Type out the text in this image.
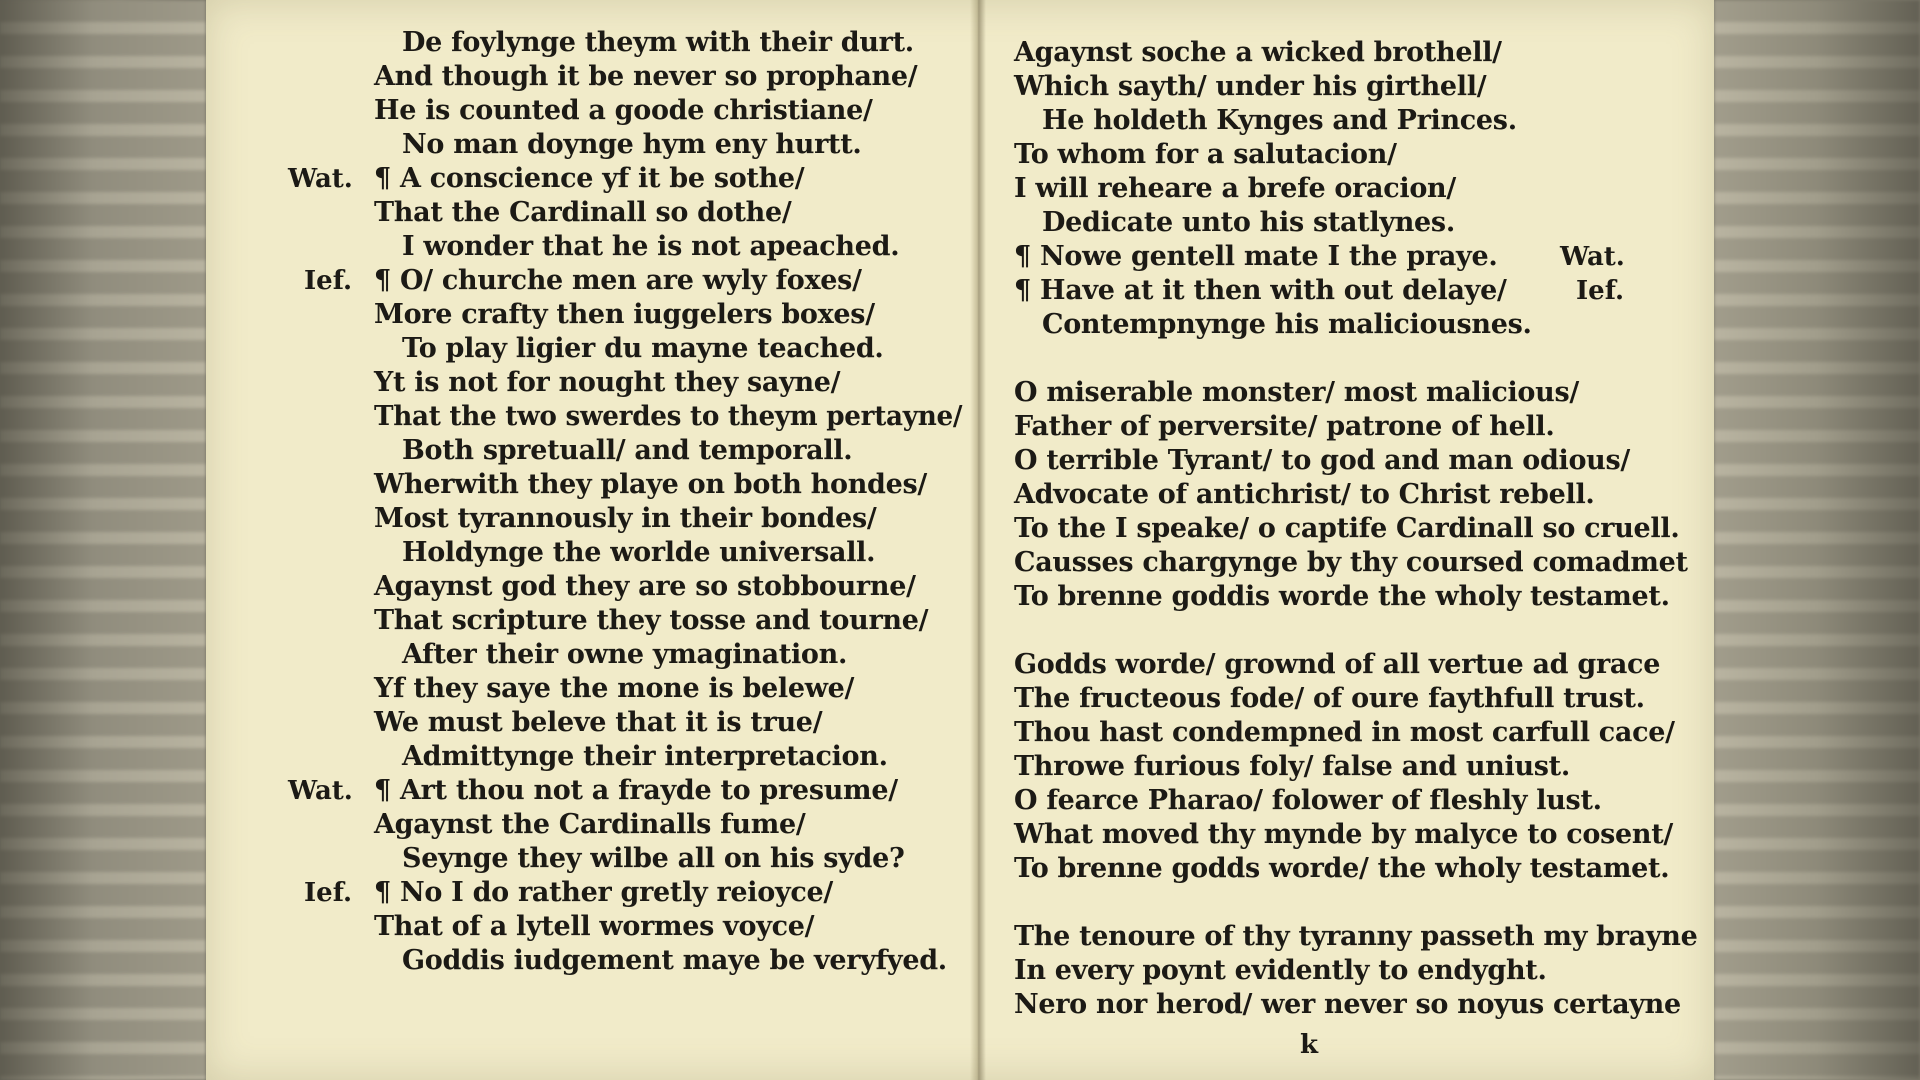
De foylynge theym with their durt.
And though it be never so prophane/
He is counted a goode christiane/
No man doynge hym eny hurtt.
Wat. ¶ A conscience yf it be sothe/
That the Cardinall so dothe/
I wonder that he is not apeached.
Ief. ¶ O/ churche men are wyly foxes/
More crafty then iuggelers boxes/
To play ligier du mayne teached.
Yt is not for nought they sayne/
That the two swerdes to theym pertayne/
Both spretuall/ and temporall.
Wherwith they playe on both hondes/
Most tyrannously in their bondes/
Holdynge the worlde universall.
Agaynst god they are so stobbourne/
That scripture they tosse and tourne/
After their owne ymagination.
Yf they saye the mone is belewe/
We must beleve that it is true/
Admittynge their interpretacion.
Wat. ¶ Art thou not a frayde to presume/
Agaynst the Cardinalls fume/
Seynge they wilbe all on his syde?
Ief. ¶ No I do rather gretly reioyce/
That of a lytell wormes voyce/
Goddis iudgement maye be veryfyed.
Agaynst soche a wicked brothell/
Which sayth/ under his girthell/
He holdeth Kynges and Princes.
To whom for a salutacion/
I will reheare a brefe oracion/
Dedicate unto his statlynes.
¶ Nowe gentell mate I the praye. Wat.
¶ Have at it then with out delaye/	Ief.
Contempnynge his maliciousnes.
O miserable monster/ most malicious/
Father of perversite/ patrone of hell.
O terrible Tyrant/ to god and man odious/
Advocate of antichrist/ to Christ rebell.
To the I speake/ o captife Cardinall so cruell.
Causses chargynge by thy coursed comadmet
To brenne goddis worde the wholy testamet.
Godds worde/ grownd of all vertue ad grace
The fructeous fode/ of oure faythfull trust.
Thou hast condempned in most carfull cace/
Throwe furious foly/ false and uniust.
O fearce Pharao/ folower of fleshly lust.
What moved thy mynde by malyce to cosent/
To brenne godds worde/ the wholy testamet.
The tenoure of thy tyranny passeth my brayne
In every poynt evidently to endyght.
Nero nor herod/ wer never so noyus certayne
k
